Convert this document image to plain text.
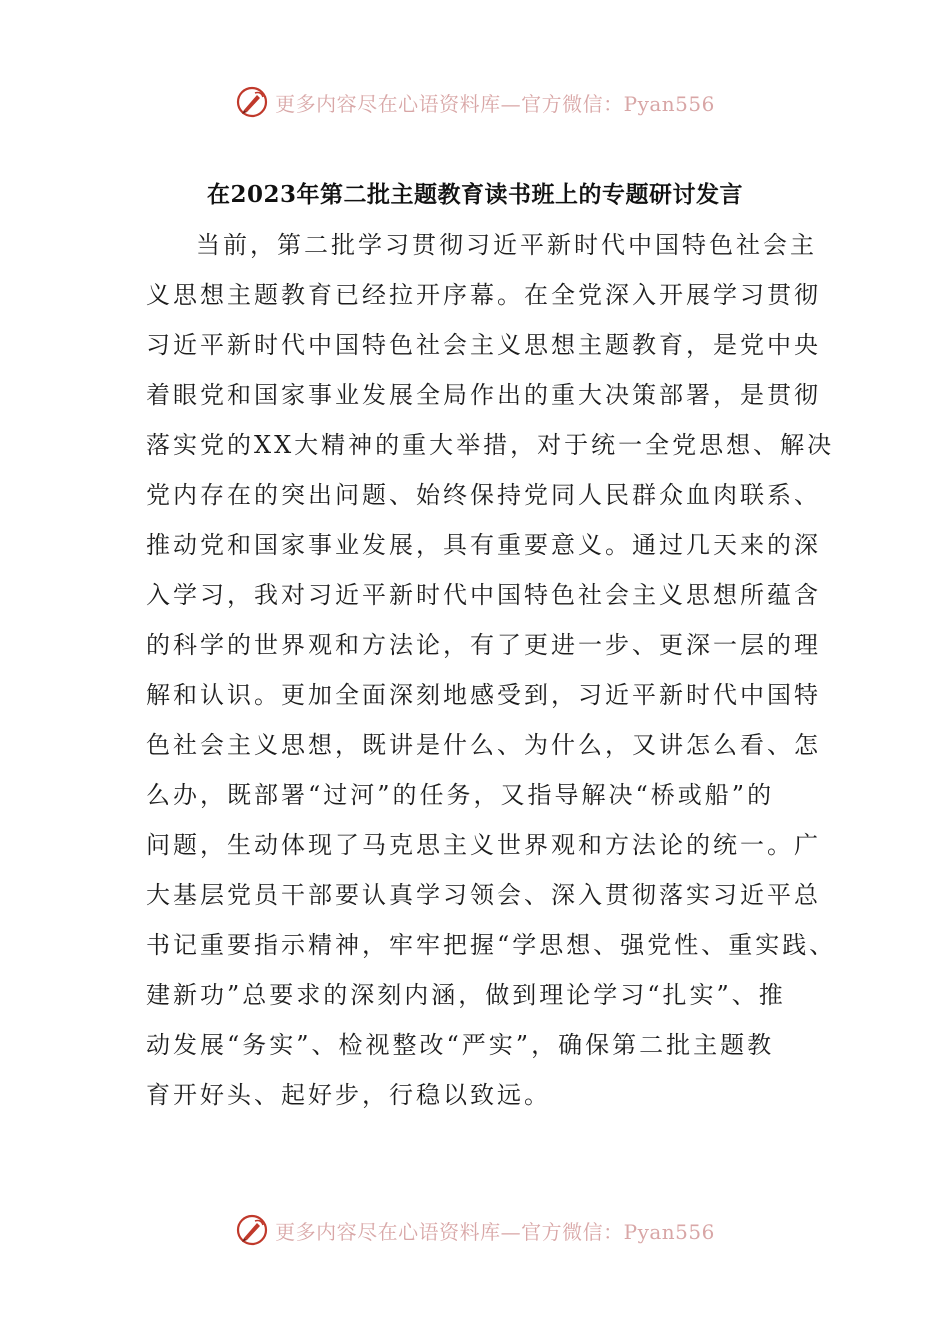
更多内容尽在心语资料库—官方微信：Pyan556
在2023年第二批主题教育读书班上的专题研讨发言
当前，第二批学习贯彻习近平新时代中国特色社会主
义思想主题教育已经拉开序幕。在全党深入开展学习贯彻
习近平新时代中国特色社会主义思想主题教育，是党中央
着眼党和国家事业发展全局作出的重大决策部署，是贯彻
落实党的XX大精神的重大举措，对于统一全党思想、解决
党内存在的突出问题、始终保持党同人民群众血肉联系、
推动党和国家事业发展，具有重要意义。通过几天来的深
入学习，我对习近平新时代中国特色社会主义思想所蕴含
的科学的世界观和方法论，有了更进一步、更深一层的理
解和认识。更加全面深刻地感受到，习近平新时代中国特
色社会主义思想，既讲是什么、为什么，又讲怎么看、怎
么办，既部署“过河”的任务，又指导解决“桥或船”的
问题，生动体现了马克思主义世界观和方法论的统一。广
大基层党员干部要认真学习领会、深入贯彻落实习近平总
书记重要指示精神，牢牢把握“学思想、强党性、重实践、
建新功”总要求的深刻内涵，做到理论学习“扎实”、推
动发展“务实”、检视整改“严实”，确保第二批主题教
育开好头、起好步，行稳以致远。
更多内容尽在心语资料库—官方微信：Pyan556
